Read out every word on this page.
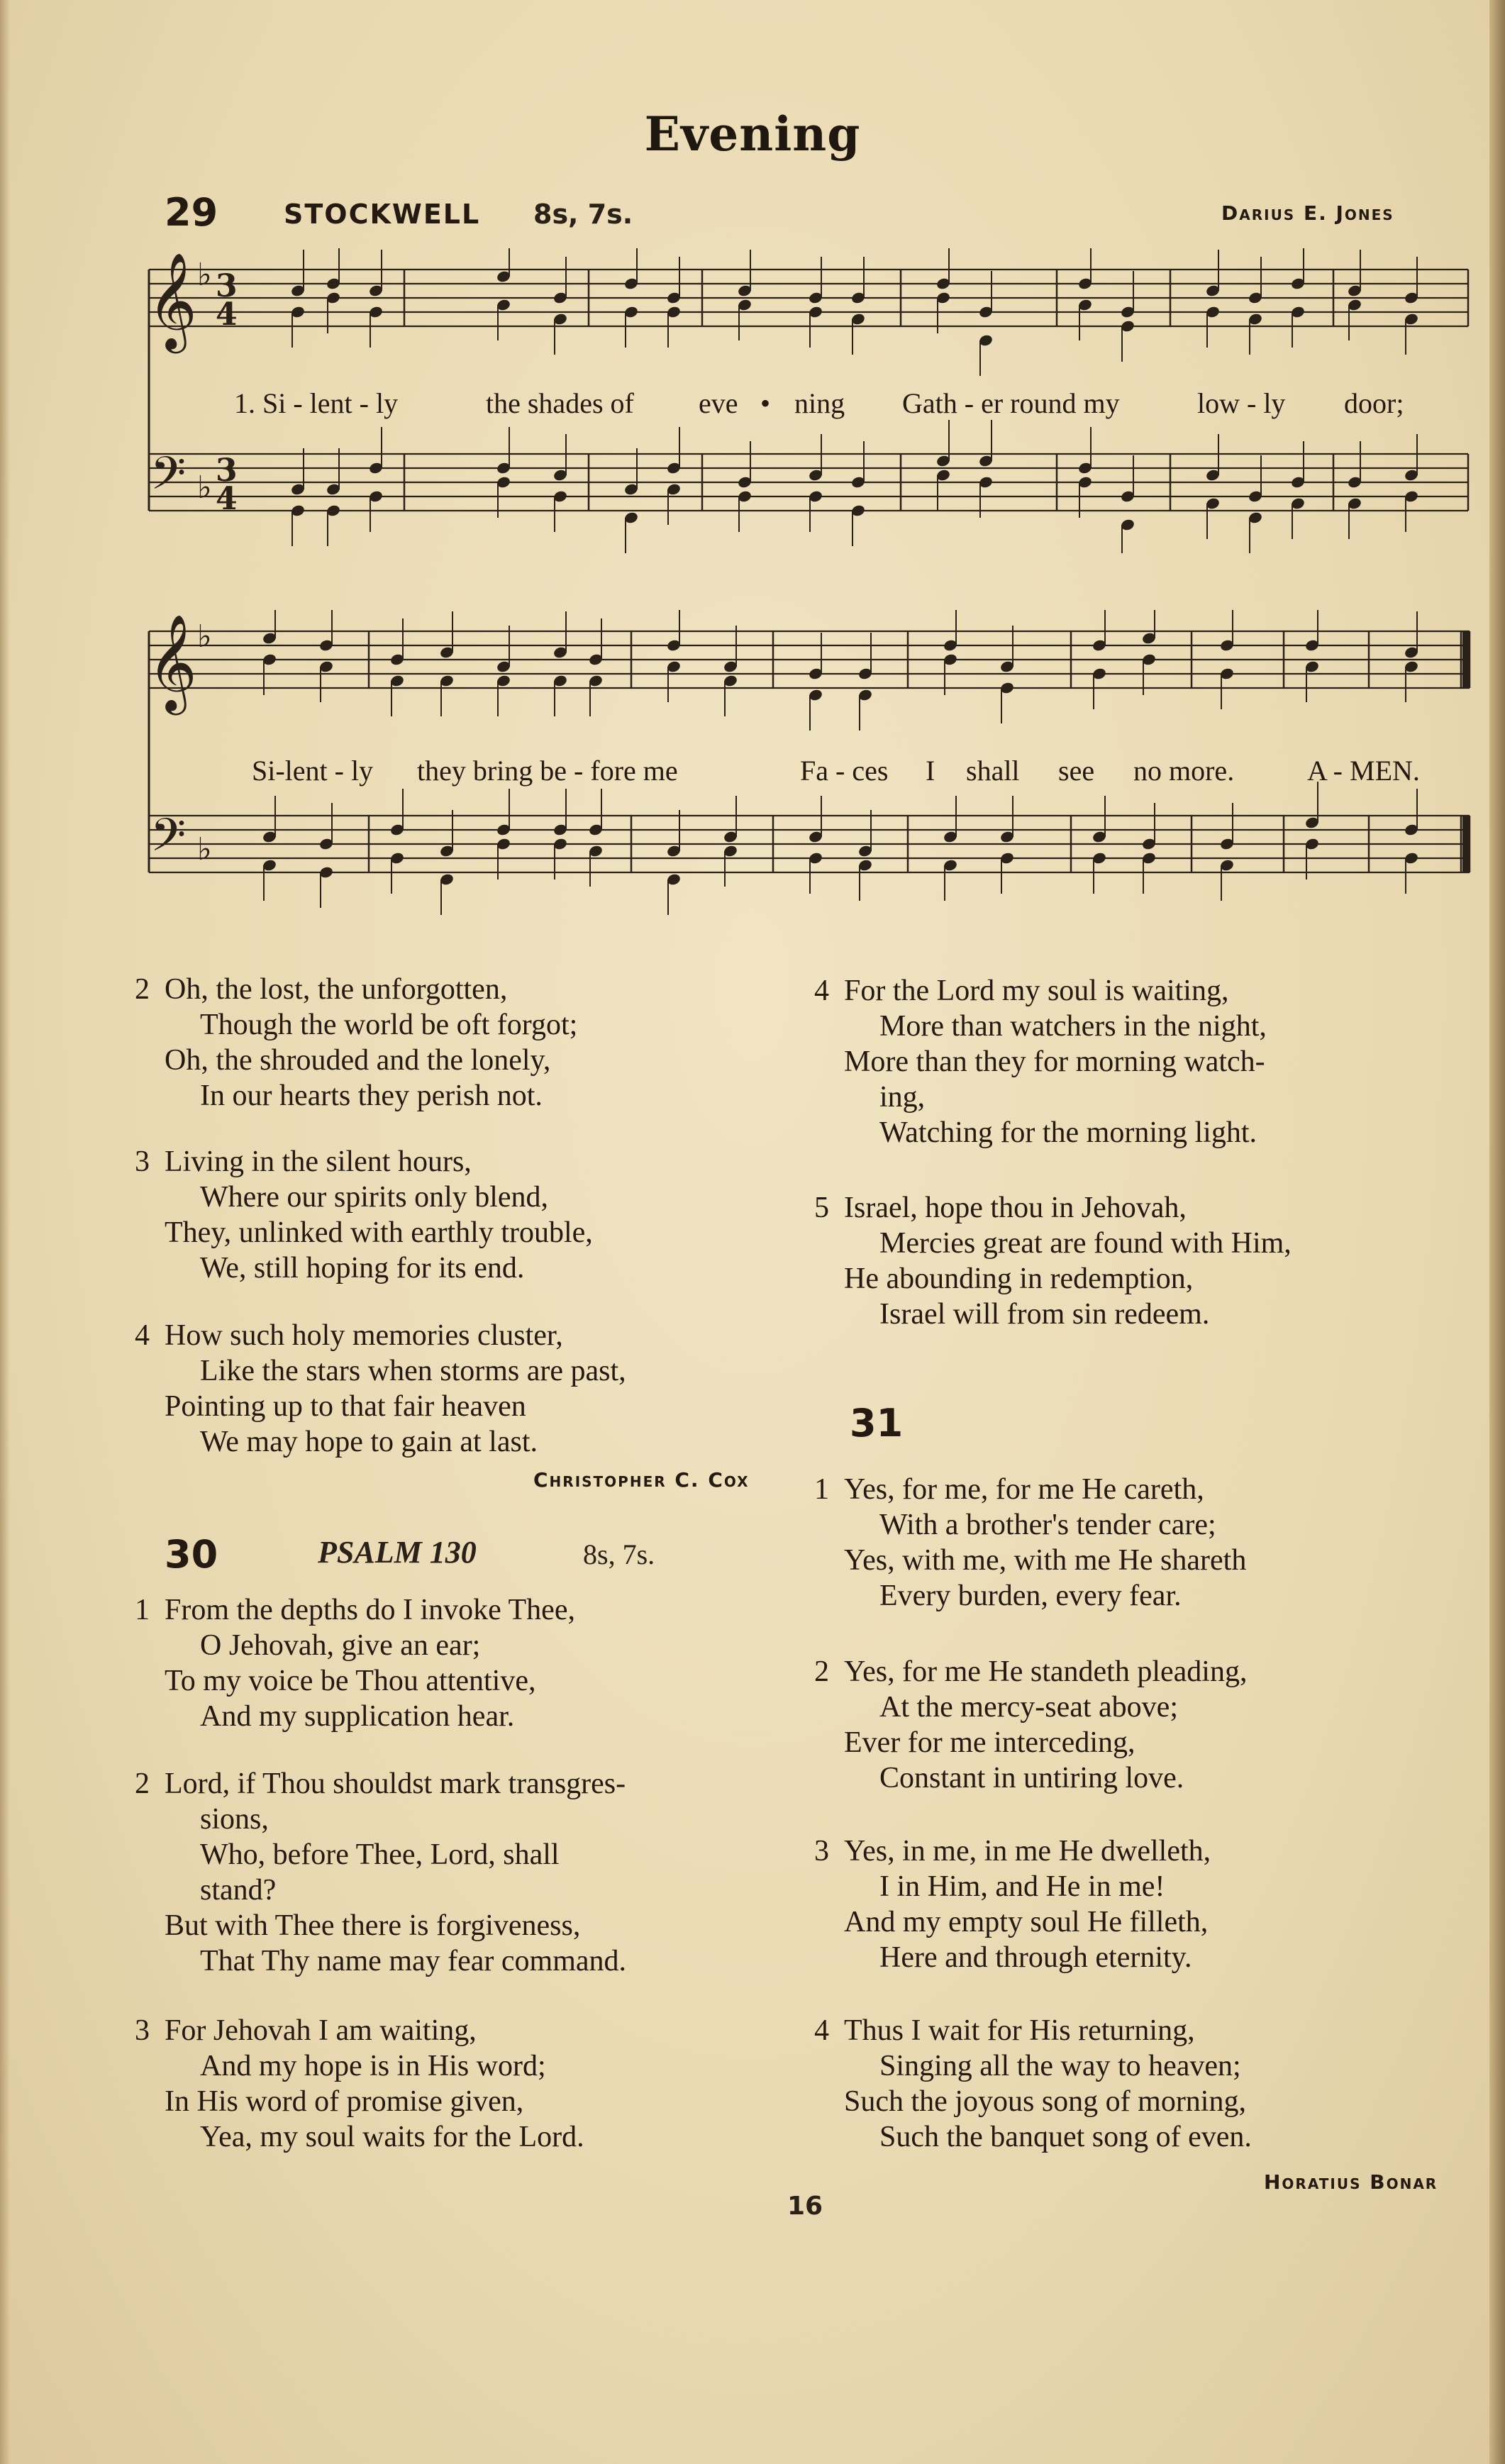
Evening
29 STOCKWELL 8s, 7s.	Darius E. Jones
𝄞
𝄢
♭
♭
3
4
3
4
1. Si - lent - ly	the shades of eve • ning Gath - er round my	low - ly door;
𝄞
𝄢
♭
♭
Si-lent - ly they bring be - fore me	Fa - ces I shall see no more.	A - MEN.
2 Oh, the lost, the unforgotten,
Though the world be oft forgot;
Oh, the shrouded and the lonely,
In our hearts they perish not.
3 Living in the silent hours,
Where our spirits only blend,
They, unlinked with earthly trouble,
We, still hoping for its end.
4 How such holy memories cluster,
Like the stars when storms are past,
Pointing up to that fair heaven
We may hope to gain at last.
Christopher C. Cox
30	PSALM 130	8s, 7s.
1 From the depths do I invoke Thee,
O Jehovah, give an ear;
To my voice be Thou attentive,
And my supplication hear.
2 Lord, if Thou shouldst mark transgres-
sions,
Who, before Thee, Lord, shall
stand?
But with Thee there is forgiveness,
That Thy name may fear command.
3 For Jehovah I am waiting,
And my hope is in His word;
In His word of promise given,
Yea, my soul waits for the Lord.
4 For the Lord my soul is waiting,
More than watchers in the night,
More than they for morning watch-
ing,
Watching for the morning light.
5 Israel, hope thou in Jehovah,
Mercies great are found with Him,
He abounding in redemption,
Israel will from sin redeem.
31
1 Yes, for me, for me He careth,
With a brother's tender care;
Yes, with me, with me He shareth
Every burden, every fear.
2 Yes, for me He standeth pleading,
At the mercy-seat above;
Ever for me interceding,
Constant in untiring love.
3 Yes, in me, in me He dwelleth,
I in Him, and He in me!
And my empty soul He filleth,
Here and through eternity.
4 Thus I wait for His returning,
Singing all the way to heaven;
Such the joyous song of morning,
Such the banquet song of even.
Horatius Bonar
16
